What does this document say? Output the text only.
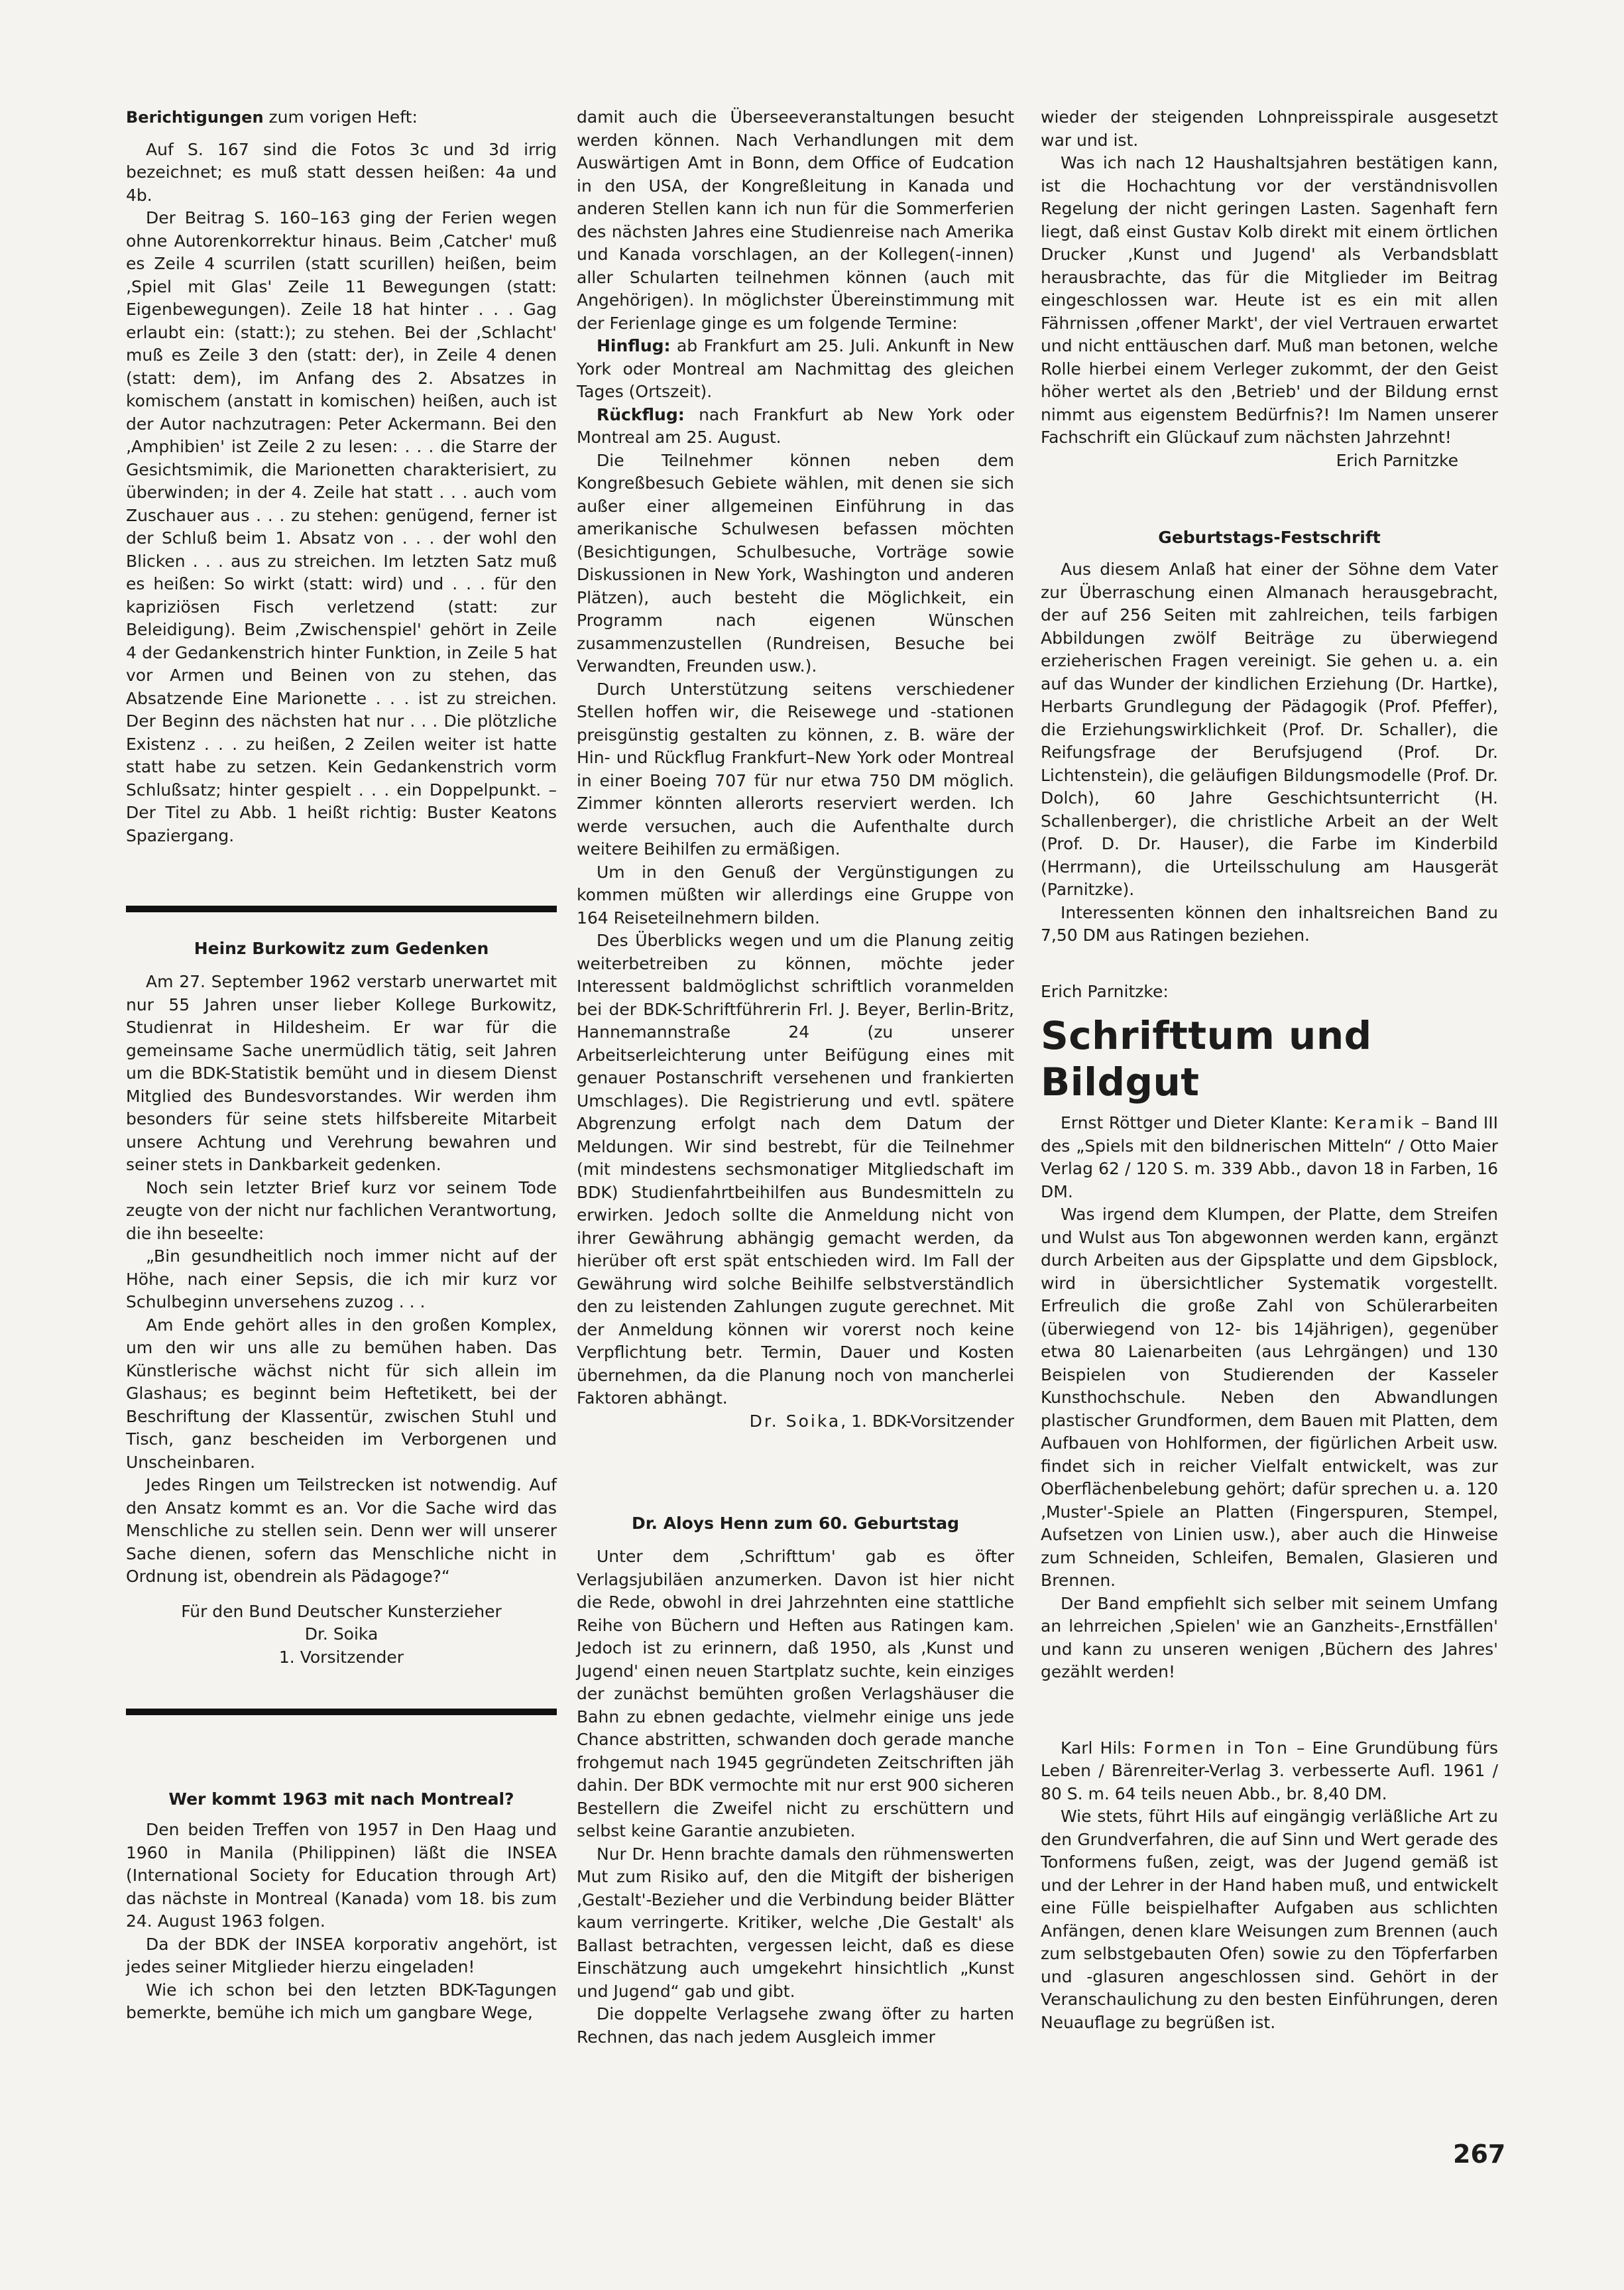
Berichtigungen zum vorigen Heft:

Auf S. 167 sind die Fotos 3c und 3d irrig bezeichnet; es muß statt dessen heißen: 4a und 4b.

Der Beitrag S. 160–163 ging der Ferien wegen ohne Autorenkorrektur hinaus. Beim ‚Catcher' muß es Zeile 4 scurrilen (statt scurillen) heißen, beim ‚Spiel mit Glas' Zeile 11 Bewegungen (statt: Eigenbewegungen). Zeile 18 hat hinter . . . Gag erlaubt ein: (statt:); zu stehen. Bei der ‚Schlacht' muß es Zeile 3 den (statt: der), in Zeile 4 denen (statt: dem), im Anfang des 2. Absatzes in komischem (anstatt in komischen) heißen, auch ist der Autor nachzutragen: Peter Ackermann. Bei den ‚Amphibien' ist Zeile 2 zu lesen: . . . die Starre der Gesichtsmimik, die Marionetten charakterisiert, zu überwinden; in der 4. Zeile hat statt . . . auch vom Zuschauer aus . . . zu stehen: genügend, ferner ist der Schluß beim 1. Absatz von . . . der wohl den Blicken . . . aus zu streichen. Im letzten Satz muß es heißen: So wirkt (statt: wird) und . . . für den kapriziösen Fisch verletzend (statt: zur Beleidigung). Beim ‚Zwischenspiel' gehört in Zeile 4 der Gedankenstrich hinter Funktion, in Zeile 5 hat vor Armen und Beinen von zu stehen, das Absatzende Eine Marionette . . . ist zu streichen. Der Beginn des nächsten hat nur . . . Die plötzliche Existenz . . . zu heißen, 2 Zeilen weiter ist hatte statt habe zu setzen. Kein Gedankenstrich vorm Schlußsatz; hinter gespielt . . . ein Doppelpunkt. – Der Titel zu Abb. 1 heißt richtig: Buster Keatons Spaziergang.

Heinz Burkowitz zum Gedenken

Am 27. September 1962 verstarb unerwartet mit nur 55 Jahren unser lieber Kollege Burkowitz, Studienrat in Hildesheim. Er war für die gemeinsame Sache unermüdlich tätig, seit Jahren um die BDK-Statistik bemüht und in diesem Dienst Mitglied des Bundesvorstandes. Wir werden ihm besonders für seine stets hilfsbereite Mitarbeit unsere Achtung und Verehrung bewahren und seiner stets in Dankbarkeit gedenken.

Noch sein letzter Brief kurz vor seinem Tode zeugte von der nicht nur fachlichen Verantwortung, die ihn beseelte:

„Bin gesundheitlich noch immer nicht auf der Höhe, nach einer Sepsis, die ich mir kurz vor Schulbeginn unversehens zuzog . . .

Am Ende gehört alles in den großen Komplex, um den wir uns alle zu bemühen haben. Das Künstlerische wächst nicht für sich allein im Glashaus; es beginnt beim Heftetikett, bei der Beschriftung der Klassentür, zwischen Stuhl und Tisch, ganz bescheiden im Verborgenen und Unscheinbaren.

Jedes Ringen um Teilstrecken ist notwendig. Auf den Ansatz kommt es an. Vor die Sache wird das Menschliche zu stellen sein. Denn wer will unserer Sache dienen, sofern das Menschliche nicht in Ordnung ist, obendrein als Pädagoge?“

Für den Bund Deutscher Kunsterzieher
Dr. Soika
1. Vorsitzender
Wer kommt 1963 mit nach Montreal?

Den beiden Treffen von 1957 in Den Haag und 1960 in Manila (Philippinen) läßt die INSEA (International Society for Education through Art) das nächste in Montreal (Kanada) vom 18. bis zum 24. August 1963 folgen.

Da der BDK der INSEA korporativ angehört, ist jedes seiner Mitglieder hierzu eingeladen!

Wie ich schon bei den letzten BDK-Tagungen bemerkte, bemühe ich mich um gangbare Wege,

damit auch die Überseeveranstaltungen besucht werden können. Nach Verhandlungen mit dem Auswärtigen Amt in Bonn, dem Office of Eudcation in den USA, der Kongreßleitung in Kanada und anderen Stellen kann ich nun für die Sommerferien des nächsten Jahres eine Studienreise nach Amerika und Kanada vorschlagen, an der Kollegen(-innen) aller Schularten teilnehmen können (auch mit Angehörigen). In möglichster Übereinstimmung mit der Ferienlage ginge es um folgende Termine:

Hinflug: ab Frankfurt am 25. Juli. Ankunft in New York oder Montreal am Nachmittag des gleichen Tages (Ortszeit).

Rückflug: nach Frankfurt ab New York oder Montreal am 25. August.

Die Teilnehmer können neben dem Kongreßbesuch Gebiete wählen, mit denen sie sich außer einer allgemeinen Einführung in das amerikanische Schulwesen befassen möchten (Besichtigungen, Schulbesuche, Vorträge sowie Diskussionen in New York, Washington und anderen Plätzen), auch besteht die Möglichkeit, ein Programm nach eigenen Wünschen zusammenzustellen (Rundreisen, Besuche bei Verwandten, Freunden usw.).

Durch Unterstützung seitens verschiedener Stellen hoffen wir, die Reisewege und -stationen preisgünstig gestalten zu können, z. B. wäre der Hin- und Rückflug Frankfurt–New York oder Montreal in einer Boeing 707 für nur etwa 750 DM möglich. Zimmer könnten allerorts reserviert werden. Ich werde versuchen, auch die Aufenthalte durch weitere Beihilfen zu ermäßigen.

Um in den Genuß der Vergünstigungen zu kommen müßten wir allerdings eine Gruppe von 164 Reiseteilnehmern bilden.

Des Überblicks wegen und um die Planung zeitig weiterbetreiben zu können, möchte jeder Interessent baldmöglichst schriftlich voranmelden bei der BDK-Schriftführerin Frl. J. Beyer, Berlin-Britz, Hannemannstraße 24 (zu unserer Arbeitserleichterung unter Beifügung eines mit genauer Postanschrift versehenen und frankierten Umschlages). Die Registrierung und evtl. spätere Abgrenzung erfolgt nach dem Datum der Meldungen. Wir sind bestrebt, für die Teilnehmer (mit mindestens sechsmonatiger Mitgliedschaft im BDK) Studienfahrtbeihilfen aus Bundesmitteln zu erwirken. Jedoch sollte die Anmeldung nicht von ihrer Gewährung abhängig gemacht werden, da hierüber oft erst spät entschieden wird. Im Fall der Gewährung wird solche Beihilfe selbstverständlich den zu leistenden Zahlungen zugute gerechnet. Mit der Anmeldung können wir vorerst noch keine Verpflichtung betr. Termin, Dauer und Kosten übernehmen, da die Planung noch von mancherlei Faktoren abhängt.

Dr. Soika, 1. BDK-Vorsitzender
Dr. Aloys Henn zum 60. Geburtstag

Unter dem ‚Schrifttum' gab es öfter Verlagsjubiläen anzumerken. Davon ist hier nicht die Rede, obwohl in drei Jahrzehnten eine stattliche Reihe von Büchern und Heften aus Ratingen kam. Jedoch ist zu erinnern, daß 1950, als ‚Kunst und Jugend' einen neuen Startplatz suchte, kein einziges der zunächst bemühten großen Verlagshäuser die Bahn zu ebnen gedachte, vielmehr einige uns jede Chance abstritten, schwanden doch gerade manche frohgemut nach 1945 gegründeten Zeitschriften jäh dahin. Der BDK vermochte mit nur erst 900 sicheren Bestellern die Zweifel nicht zu erschüttern und selbst keine Garantie anzubieten.

Nur Dr. Henn brachte damals den rühmenswerten Mut zum Risiko auf, den die Mitgift der bisherigen ‚Gestalt'-Bezieher und die Verbindung beider Blätter kaum verringerte. Kritiker, welche ‚Die Gestalt' als Ballast betrachten, vergessen leicht, daß es diese Einschätzung auch umgekehrt hinsichtlich „Kunst und Jugend“ gab und gibt.

Die doppelte Verlagsehe zwang öfter zu harten Rechnen, das nach jedem Ausgleich immer

wieder der steigenden Lohnpreisspirale ausgesetzt war und ist.

Was ich nach 12 Haushaltsjahren bestätigen kann, ist die Hochachtung vor der verständnisvollen Regelung der nicht geringen Lasten. Sagenhaft fern liegt, daß einst Gustav Kolb direkt mit einem örtlichen Drucker ‚Kunst und Jugend' als Verbandsblatt herausbrachte, das für die Mitglieder im Beitrag eingeschlossen war. Heute ist es ein mit allen Fährnissen ‚offener Markt', der viel Vertrauen erwartet und nicht enttäuschen darf. Muß man betonen, welche Rolle hierbei einem Verleger zukommt, der den Geist höher wertet als den ‚Betrieb' und der Bildung ernst nimmt aus eigenstem Bedürfnis?! Im Namen unserer Fachschrift ein Glückauf zum nächsten Jahrzehnt!

Erich Parnitzke
Geburtstags-Festschrift

Aus diesem Anlaß hat einer der Söhne dem Vater zur Überraschung einen Almanach herausgebracht, der auf 256 Seiten mit zahlreichen, teils farbigen Abbildungen zwölf Beiträge zu überwiegend erzieherischen Fragen vereinigt. Sie gehen u. a. ein auf das Wunder der kindlichen Erziehung (Dr. Hartke), Herbarts Grundlegung der Pädagogik (Prof. Pfeffer), die Erziehungswirklichkeit (Prof. Dr. Schaller), die Reifungsfrage der Berufsjugend (Prof. Dr. Lichtenstein), die geläufigen Bildungsmodelle (Prof. Dr. Dolch), 60 Jahre Geschichtsunterricht (H. Schallenberger), die christliche Arbeit an der Welt (Prof. D. Dr. Hauser), die Farbe im Kinderbild (Herrmann), die Urteilsschulung am Hausgerät (Parnitzke).

Interessenten können den inhaltsreichen Band zu 7,50 DM aus Ratingen beziehen.

Erich Parnitzke:

Schrifttum und Bildgut

Ernst Röttger und Dieter Klante: Keramik – Band III des „Spiels mit den bildnerischen Mitteln“ / Otto Maier Verlag 62 / 120 S. m. 339 Abb., davon 18 in Farben, 16 DM.

Was irgend dem Klumpen, der Platte, dem Streifen und Wulst aus Ton abgewonnen werden kann, ergänzt durch Arbeiten aus der Gipsplatte und dem Gipsblock, wird in übersichtlicher Systematik vorgestellt. Erfreulich die große Zahl von Schülerarbeiten (überwiegend von 12- bis 14jährigen), gegenüber etwa 80 Laienarbeiten (aus Lehrgängen) und 130 Beispielen von Studierenden der Kasseler Kunsthochschule. Neben den Abwandlungen plastischer Grundformen, dem Bauen mit Platten, dem Aufbauen von Hohlformen, der figürlichen Arbeit usw. findet sich in reicher Vielfalt entwickelt, was zur Oberflächenbelebung gehört; dafür sprechen u. a. 120 ‚Muster'-Spiele an Platten (Fingerspuren, Stempel, Aufsetzen von Linien usw.), aber auch die Hinweise zum Schneiden, Schleifen, Bemalen, Glasieren und Brennen.

Der Band empfiehlt sich selber mit seinem Umfang an lehrreichen ‚Spielen' wie an Ganzheits-‚Ernstfällen' und kann zu unseren wenigen ‚Büchern des Jahres' gezählt werden!

Karl Hils: Formen in Ton – Eine Grundübung fürs Leben / Bärenreiter-Verlag 3. verbesserte Aufl. 1961 / 80 S. m. 64 teils neuen Abb., br. 8,40 DM.

Wie stets, führt Hils auf eingängig verläßliche Art zu den Grundverfahren, die auf Sinn und Wert gerade des Tonformens fußen, zeigt, was der Jugend gemäß ist und der Lehrer in der Hand haben muß, und entwickelt eine Fülle beispielhafter Aufgaben aus schlichten Anfängen, denen klare Weisungen zum Brennen (auch zum selbstgebauten Ofen) sowie zu den Töpferfarben und -glasuren angeschlossen sind. Gehört in der Veranschaulichung zu den besten Einführungen, deren Neuauflage zu begrüßen ist.

267
